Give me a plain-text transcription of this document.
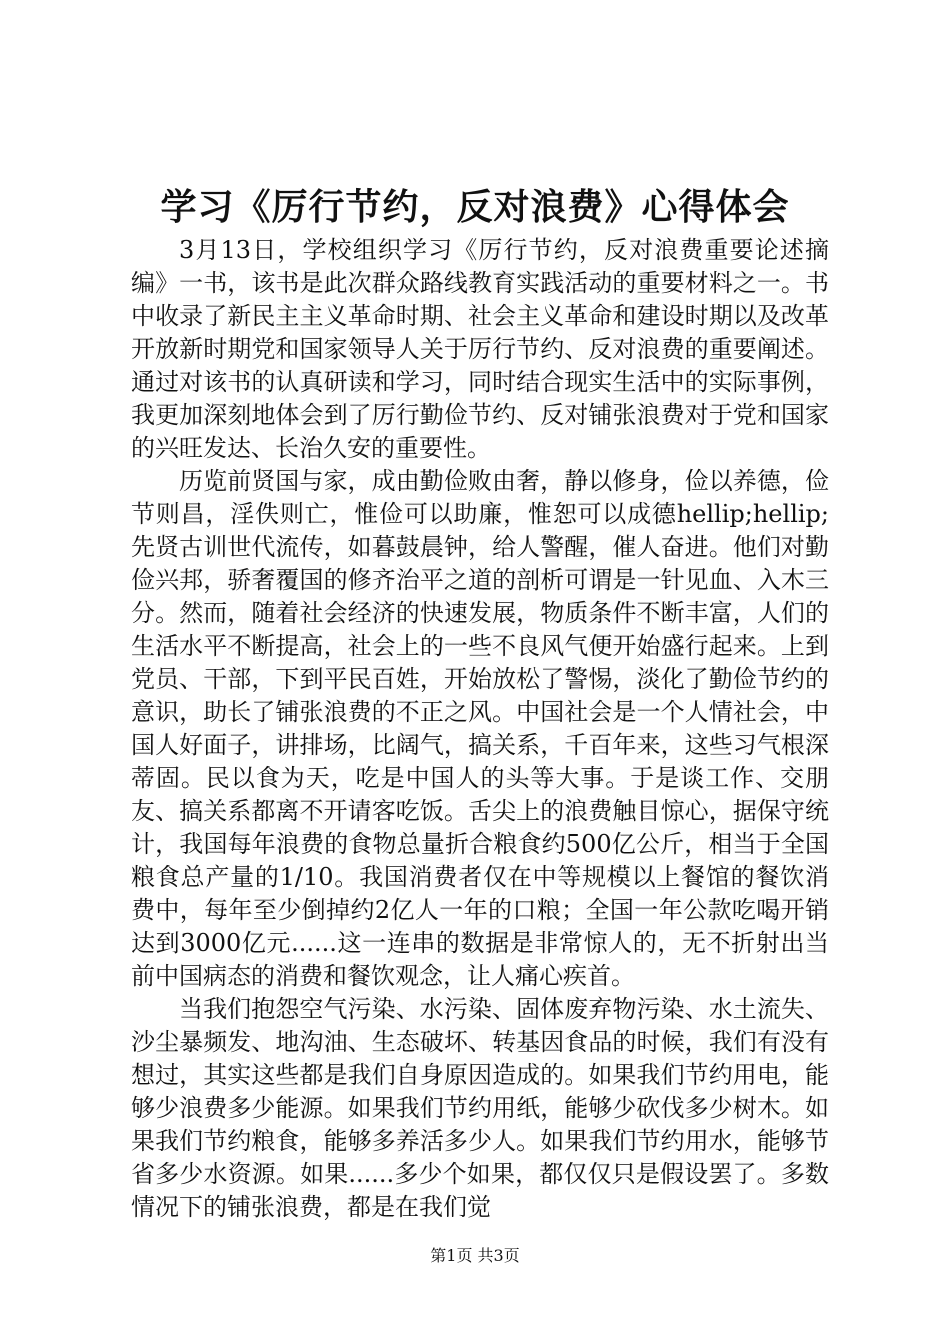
学习《厉行节约，反对浪费》心得体会

3月13日，学校组织学习《厉行节约，反对浪费重要论述摘编》一书，该书是此次群众路线教育实践活动的重要材料之一。书中收录了新民主主义革命时期、社会主义革命和建设时期以及改革开放新时期党和国家领导人关于厉行节约、反对浪费的重要阐述。通过对该书的认真研读和学习，同时结合现实生活中的实际事例，我更加深刻地体会到了厉行勤俭节约、反对铺张浪费对于党和国家的兴旺发达、长治久安的重要性。

历览前贤国与家，成由勤俭败由奢，静以修身，俭以养德，俭节则昌，淫佚则亡，惟俭可以助廉，惟恕可以成德hellip;hellip;先贤古训世代流传，如暮鼓晨钟，给人警醒，催人奋进。他们对勤俭兴邦，骄奢覆国的修齐治平之道的剖析可谓是一针见血、入木三分。然而，随着社会经济的快速发展，物质条件不断丰富，人们的生活水平不断提高，社会上的一些不良风气便开始盛行起来。上到党员、干部，下到平民百姓，开始放松了警惕，淡化了勤俭节约的意识，助长了铺张浪费的不正之风。中国社会是一个人情社会，中国人好面子，讲排场，比阔气，搞关系，千百年来，这些习气根深蒂固。民以食为天，吃是中国人的头等大事。于是谈工作、交朋友、搞关系都离不开请客吃饭。舌尖上的浪费触目惊心，据保守统计，我国每年浪费的食物总量折合粮食约500亿公斤，相当于全国粮食总产量的1/10。我国消费者仅在中等规模以上餐馆的餐饮消费中，每年至少倒掉约2亿人一年的口粮；全国一年公款吃喝开销达到3000亿元......这一连串的数据是非常惊人的，无不折射出当前中国病态的消费和餐饮观念，让人痛心疾首。

当我们抱怨空气污染、水污染、固体废弃物污染、水土流失、沙尘暴频发、地沟油、生态破坏、转基因食品的时候，我们有没有想过，其实这些都是我们自身原因造成的。如果我们节约用电，能够少浪费多少能源。如果我们节约用纸，能够少砍伐多少树木。如果我们节约粮食，能够多养活多少人。如果我们节约用水，能够节省多少水资源。如果......多少个如果，都仅仅只是假设罢了。多数情况下的铺张浪费，都是在我们觉

第1页 共3页
